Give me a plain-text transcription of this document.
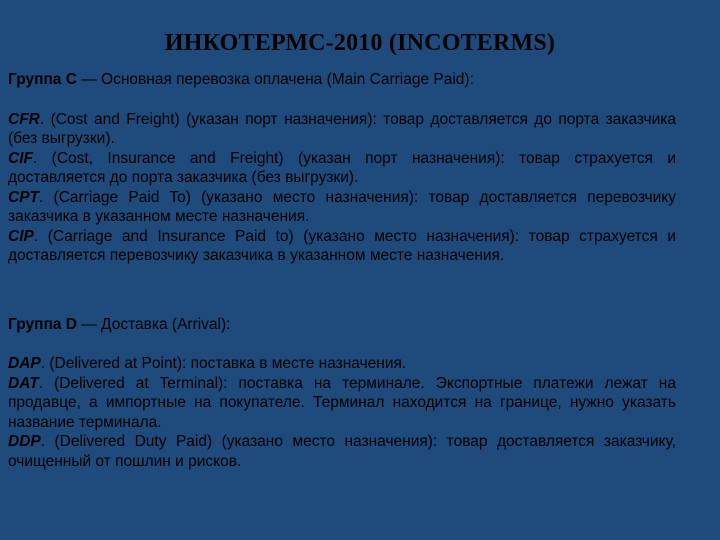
ИНКОТЕРМС-2010 (INCOTERMS)

Группа C — Основная перевозка оплачена (Main Carriage Paid):

CFR. (Cost and Freight) (указан порт назначения): товар доставляется до порта заказчика (без выгрузки).

CIF. (Cost, Insurance and Freight) (указан порт назначения): товар страхуется и доставляется до порта заказчика (без выгрузки).

CPT. (Carriage Paid To) (указано место назначения): товар доставляется перевозчику заказчика в указанном месте назначения.

CIP. (Carriage and Insurance Paid to) (указано место назначения): товар страхуется и доставляется перевозчику заказчика в указанном месте назначения.

Группа D — Доставка (Arrival):

DAP. (Delivered at Point): поставка в месте назначения.

DAT. (Delivered at Terminal): поставка на терминале. Экспортные платежи лежат на продавце, а импортные на покупателе. Терминал находится на границе, нужно указать название терминала.

DDP. (Delivered Duty Paid) (указано место назначения): товар доставляется заказчику, очищенный от пошлин и рисков.
